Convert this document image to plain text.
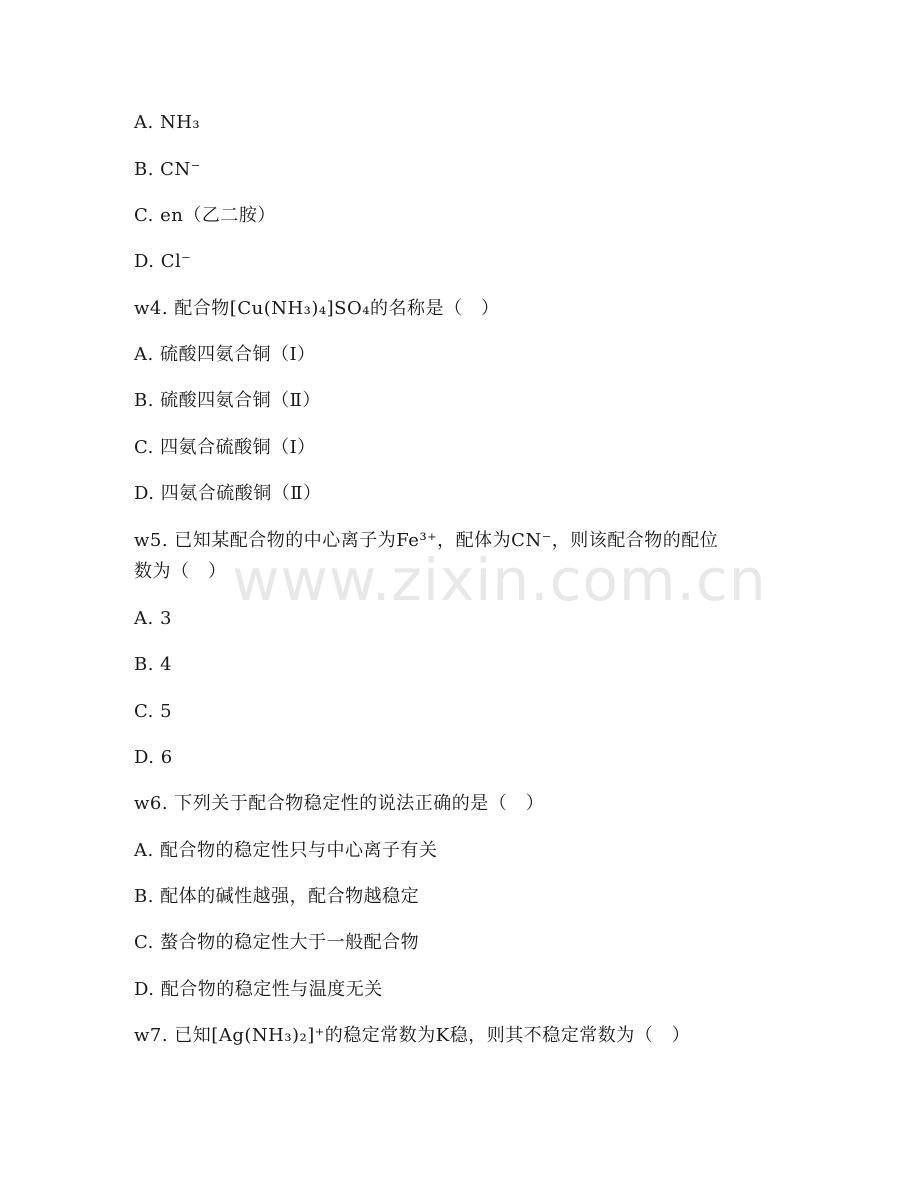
A. NH₃
B. CN⁻
C. en（乙二胺）
D. Cl⁻
w4. 配合物[Cu(NH₃)₄]SO₄的名称是（　）
A. 硫酸四氨合铜（Ⅰ）
B. 硫酸四氨合铜（Ⅱ）
C. 四氨合硫酸铜（Ⅰ）
D. 四氨合硫酸铜（Ⅱ）
w5. 已知某配合物的中心离子为Fe³⁺，配体为CN⁻，则该配合物的配位
数为（　）
A. 3
B. 4
C. 5
D. 6
w6. 下列关于配合物稳定性的说法正确的是（　）
A. 配合物的稳定性只与中心离子有关
B. 配体的碱性越强，配合物越稳定
C. 螯合物的稳定性大于一般配合物
D. 配合物的稳定性与温度无关
w7. 已知[Ag(NH₃)₂]⁺的稳定常数为K稳，则其不稳定常数为（　）
www.zixin.com.cn
